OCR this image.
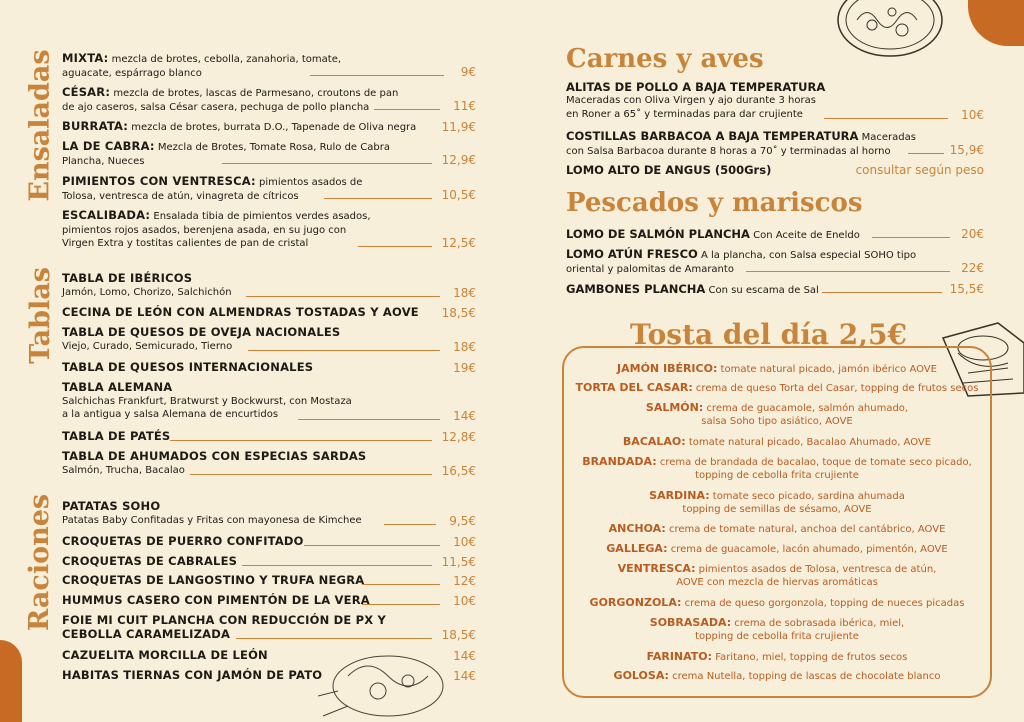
Ensaladas
Tablas
Raciones
MIXTA: mezcla de brotes, cebolla, zanahoria, tomate,
aguacate, espárrago blanco	9€
CÉSAR: mezcla de brotes, lascas de Parmesano, croutons de pan
de ajo caseros, salsa César casera, pechuga de pollo plancha	11€
BURRATA: mezcla de brotes, burrata D.O., Tapenade de Oliva negra	11,9€
LA DE CABRA: Mezcla de Brotes, Tomate Rosa, Rulo de Cabra
Plancha, Nueces	12,9€
PIMIENTOS CON VENTRESCA: pimientos asados de
Tolosa, ventresca de atún, vinagreta de cítricos	10,5€
ESCALIBADA: Ensalada tibia de pimientos verdes asados,
pimientos rojos asados, berenjena asada, en su jugo con
Virgen Extra y tostitas calientes de pan de cristal	12,5€
TABLA DE IBÉRICOS
Jamón, Lomo, Chorizo, Salchichón	18€
CECINA DE LEÓN CON ALMENDRAS TOSTADAS Y AOVE	18,5€
TABLA DE QUESOS DE OVEJA NACIONALES
Viejo, Curado, Semicurado, Tierno	18€
TABLA DE QUESOS INTERNACIONALES	19€
TABLA ALEMANA
Salchichas Frankfurt, Bratwurst y Bockwurst, con Mostaza
a la antigua y salsa Alemana de encurtidos	14€
TABLA DE PATÉS	12,8€
TABLA DE AHUMADOS CON ESPECIAS SARDAS
Salmón, Trucha, Bacalao	16,5€
PATATAS SOHO
Patatas Baby Confitadas y Fritas con mayonesa de Kimchee	9,5€
CROQUETAS DE PUERRO CONFITADO	10€
CROQUETAS DE CABRALES	11,5€
CROQUETAS DE LANGOSTINO Y TRUFA NEGRA	12€
HUMMUS CASERO CON PIMENTÓN DE LA VERA	10€
FOIE MI CUIT PLANCHA CON REDUCCIÓN DE PX Y
CEBOLLA CARAMELIZADA	18,5€
CAZUELITA MORCILLA DE LEÓN	14€
HABITAS TIERNAS CON JAMÓN DE PATO	14€
Carnes y aves
ALITAS DE POLLO A BAJA TEMPERATURA
Maceradas con Oliva Virgen y ajo durante 3 horas
en Roner a 65˚ y terminadas para dar crujiente	10€
COSTILLAS BARBACOA A BAJA TEMPERATURA Maceradas
con Salsa Barbacoa durante 8 horas a 70˚ y terminadas al horno	15,9€
LOMO ALTO DE ANGUS (500Grs)	consultar según peso
Pescados y mariscos
LOMO DE SALMÓN PLANCHA Con Aceite de Eneldo	20€
LOMO ATÚN FRESCO A la plancha, con Salsa especial SOHO tipo
oriental y palomitas de Amaranto	22€
GAMBONES PLANCHA Con su escama de Sal	15,5€
Tosta del día 2,5€
JAMÓN IBÉRICO: tomate natural picado, jamón ibérico AOVE
TORTA DEL CASAR: crema de queso Torta del Casar, topping de frutos secos
SALMÓN: crema de guacamole, salmón ahumado,
salsa Soho tipo asiático, AOVE
BACALAO: tomate natural picado, Bacalao Ahumado, AOVE
BRANDADA: crema de brandada de bacalao, toque de tomate seco picado,
topping de cebolla frita crujiente
SARDINA: tomate seco picado, sardina ahumada
topping de semillas de sésamo, AOVE
ANCHOA: crema de tomate natural, anchoa del cantábrico, AOVE
GALLEGA: crema de guacamole, lacón ahumado, pimentón, AOVE
VENTRESCA: pimientos asados de Tolosa, ventresca de atún,
AOVE con mezcla de hiervas aromáticas
GORGONZOLA: crema de queso gorgonzola, topping de nueces picadas
SOBRASADA: crema de sobrasada ibérica, miel,
topping de cebolla frita crujiente
FARINATO: Faritano, miel, topping de frutos secos
GOLOSA: crema Nutella, topping de lascas de chocolate blanco
